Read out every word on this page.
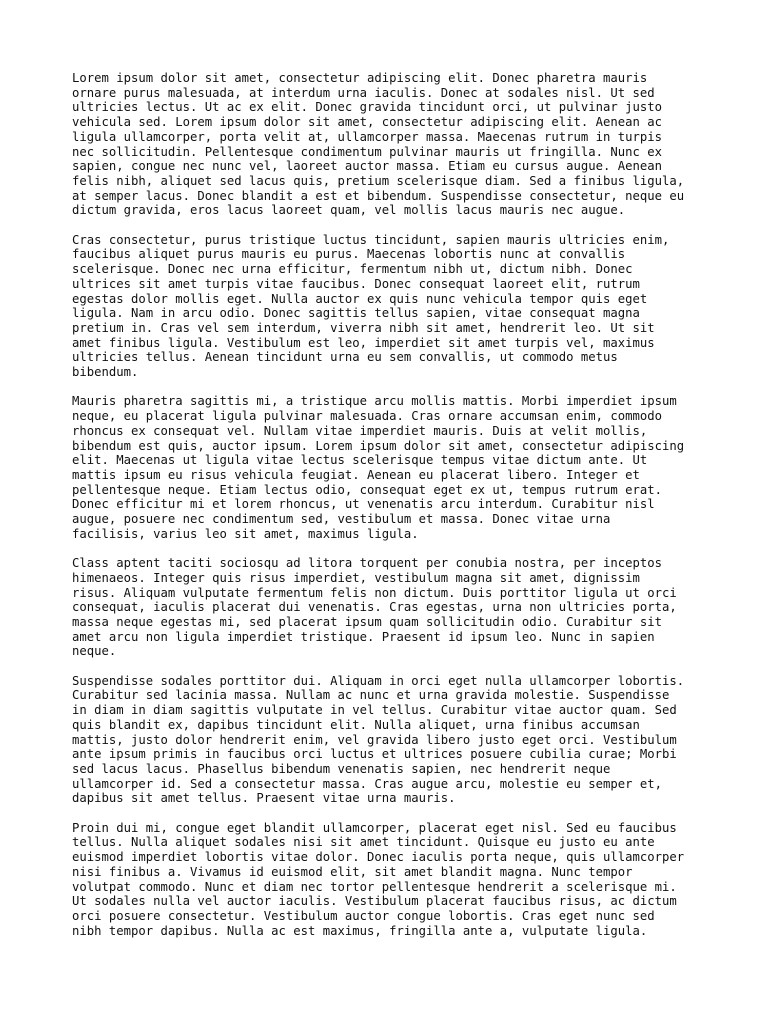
Lorem ipsum dolor sit amet, consectetur adipiscing elit. Donec pharetra mauris
ornare purus malesuada, at interdum urna iaculis. Donec at sodales nisl. Ut sed
ultricies lectus. Ut ac ex elit. Donec gravida tincidunt orci, ut pulvinar justo
vehicula sed. Lorem ipsum dolor sit amet, consectetur adipiscing elit. Aenean ac
ligula ullamcorper, porta velit at, ullamcorper massa. Maecenas rutrum in turpis
nec sollicitudin. Pellentesque condimentum pulvinar mauris ut fringilla. Nunc ex
sapien, congue nec nunc vel, laoreet auctor massa. Etiam eu cursus augue. Aenean
felis nibh, aliquet sed lacus quis, pretium scelerisque diam. Sed a finibus ligula,
at semper lacus. Donec blandit a est et bibendum. Suspendisse consectetur, neque eu
dictum gravida, eros lacus laoreet quam, vel mollis lacus mauris nec augue.

Cras consectetur, purus tristique luctus tincidunt, sapien mauris ultricies enim,
faucibus aliquet purus mauris eu purus. Maecenas lobortis nunc at convallis
scelerisque. Donec nec urna efficitur, fermentum nibh ut, dictum nibh. Donec
ultrices sit amet turpis vitae faucibus. Donec consequat laoreet elit, rutrum
egestas dolor mollis eget. Nulla auctor ex quis nunc vehicula tempor quis eget
ligula. Nam in arcu odio. Donec sagittis tellus sapien, vitae consequat magna
pretium in. Cras vel sem interdum, viverra nibh sit amet, hendrerit leo. Ut sit
amet finibus ligula. Vestibulum est leo, imperdiet sit amet turpis vel, maximus
ultricies tellus. Aenean tincidunt urna eu sem convallis, ut commodo metus
bibendum.

Mauris pharetra sagittis mi, a tristique arcu mollis mattis. Morbi imperdiet ipsum
neque, eu placerat ligula pulvinar malesuada. Cras ornare accumsan enim, commodo
rhoncus ex consequat vel. Nullam vitae imperdiet mauris. Duis at velit mollis,
bibendum est quis, auctor ipsum. Lorem ipsum dolor sit amet, consectetur adipiscing
elit. Maecenas ut ligula vitae lectus scelerisque tempus vitae dictum ante. Ut
mattis ipsum eu risus vehicula feugiat. Aenean eu placerat libero. Integer et
pellentesque neque. Etiam lectus odio, consequat eget ex ut, tempus rutrum erat.
Donec efficitur mi et lorem rhoncus, ut venenatis arcu interdum. Curabitur nisl
augue, posuere nec condimentum sed, vestibulum et massa. Donec vitae urna
facilisis, varius leo sit amet, maximus ligula.

Class aptent taciti sociosqu ad litora torquent per conubia nostra, per inceptos
himenaeos. Integer quis risus imperdiet, vestibulum magna sit amet, dignissim
risus. Aliquam vulputate fermentum felis non dictum. Duis porttitor ligula ut orci
consequat, iaculis placerat dui venenatis. Cras egestas, urna non ultricies porta,
massa neque egestas mi, sed placerat ipsum quam sollicitudin odio. Curabitur sit
amet arcu non ligula imperdiet tristique. Praesent id ipsum leo. Nunc in sapien
neque.

Suspendisse sodales porttitor dui. Aliquam in orci eget nulla ullamcorper lobortis.
Curabitur sed lacinia massa. Nullam ac nunc et urna gravida molestie. Suspendisse
in diam in diam sagittis vulputate in vel tellus. Curabitur vitae auctor quam. Sed
quis blandit ex, dapibus tincidunt elit. Nulla aliquet, urna finibus accumsan
mattis, justo dolor hendrerit enim, vel gravida libero justo eget orci. Vestibulum
ante ipsum primis in faucibus orci luctus et ultrices posuere cubilia curae; Morbi
sed lacus lacus. Phasellus bibendum venenatis sapien, nec hendrerit neque
ullamcorper id. Sed a consectetur massa. Cras augue arcu, molestie eu semper et,
dapibus sit amet tellus. Praesent vitae urna mauris.

Proin dui mi, congue eget blandit ullamcorper, placerat eget nisl. Sed eu faucibus
tellus. Nulla aliquet sodales nisi sit amet tincidunt. Quisque eu justo eu ante
euismod imperdiet lobortis vitae dolor. Donec iaculis porta neque, quis ullamcorper
nisi finibus a. Vivamus id euismod elit, sit amet blandit magna. Nunc tempor
volutpat commodo. Nunc et diam nec tortor pellentesque hendrerit a scelerisque mi.
Ut sodales nulla vel auctor iaculis. Vestibulum placerat faucibus risus, ac dictum
orci posuere consectetur. Vestibulum auctor congue lobortis. Cras eget nunc sed
nibh tempor dapibus. Nulla ac est maximus, fringilla ante a, vulputate ligula.
